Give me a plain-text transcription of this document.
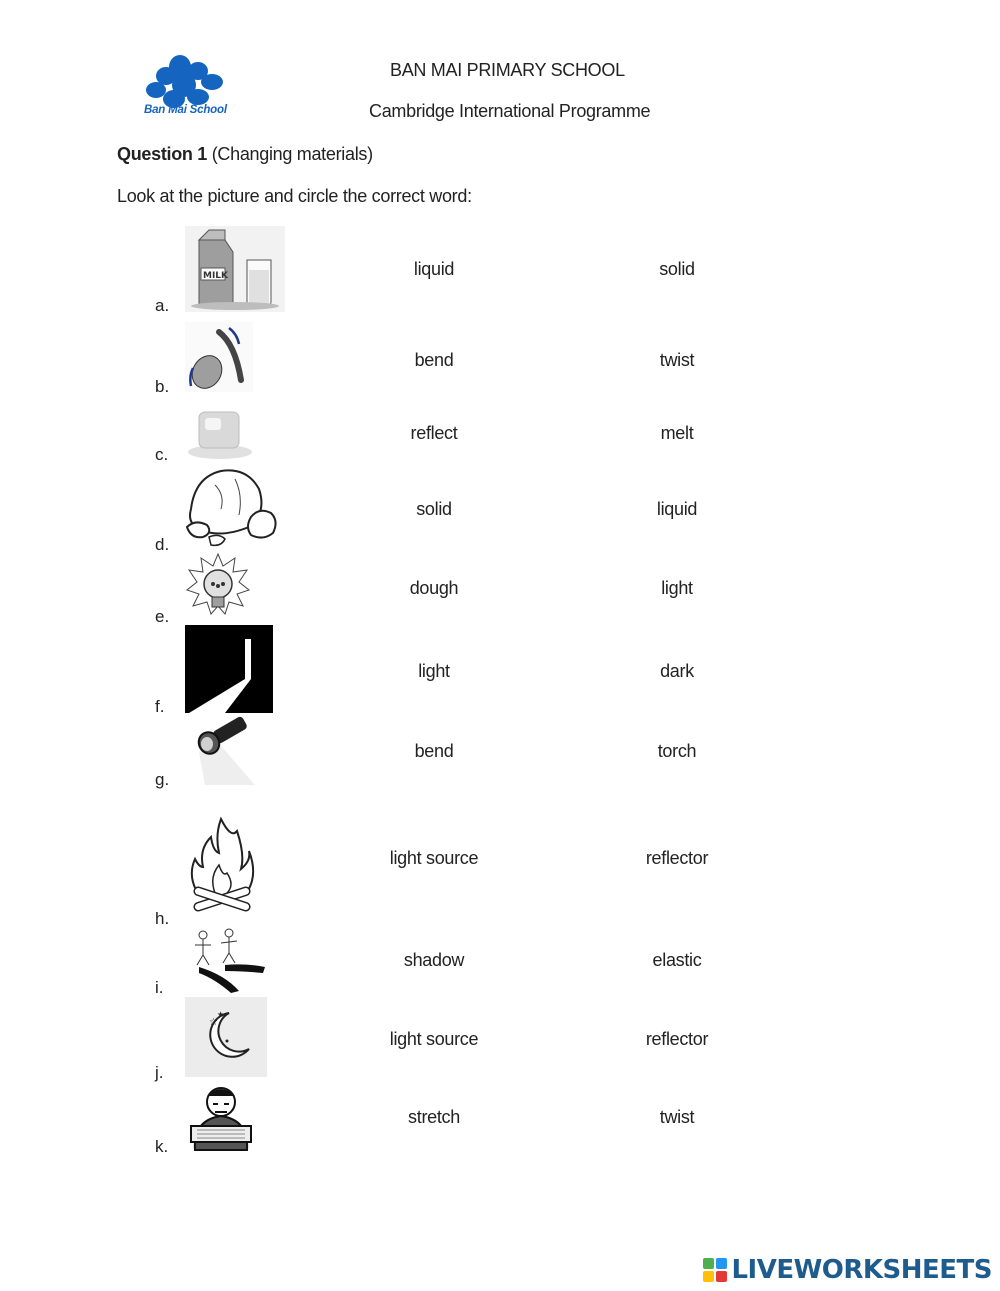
Ban Mai School
BAN MAI PRIMARY SCHOOL
Cambridge International Programme
Question 1 (Changing materials)
Look at the picture and circle the correct word:
MILK
a.
liquid	solid
b.
bend	twist
c.
reflect	melt
d.
solid	liquid
e.
dough	light
f.
light	dark
g.
bend	torch
h.
light source	reflector
i.
shadow	elastic
☆
★
j.
light source	reflector
k.
stretch	twist
LIVEWORKSHEETS
